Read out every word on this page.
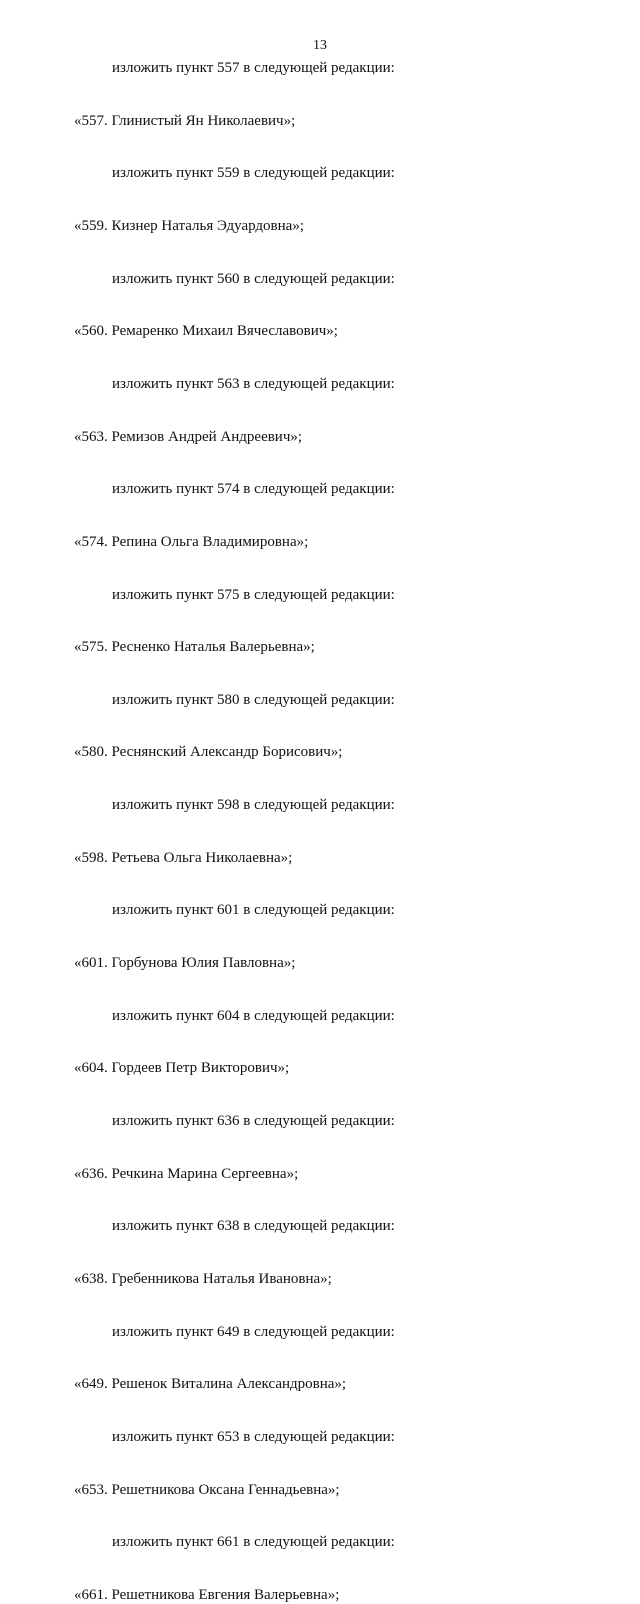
13
изложить пункт 557 в следующей редакции:
«557. Глинистый Ян Николаевич»;
изложить пункт 559 в следующей редакции:
«559. Кизнер Наталья Эдуардовна»;
изложить пункт 560 в следующей редакции:
«560. Ремаренко Михаил Вячеславович»;
изложить пункт 563 в следующей редакции:
«563. Ремизов Андрей Андреевич»;
изложить пункт 574 в следующей редакции:
«574. Репина Ольга Владимировна»;
изложить пункт 575 в следующей редакции:
«575. Ресненко Наталья Валерьевна»;
изложить пункт 580 в следующей редакции:
«580. Реснянский Александр Борисович»;
изложить пункт 598 в следующей редакции:
«598. Ретьева Ольга Николаевна»;
изложить пункт 601 в следующей редакции:
«601. Горбунова Юлия Павловна»;
изложить пункт 604 в следующей редакции:
«604. Гордеев Петр Викторович»;
изложить пункт 636 в следующей редакции:
«636. Речкина Марина Сергеевна»;
изложить пункт 638 в следующей редакции:
«638. Гребенникова Наталья Ивановна»;
изложить пункт 649 в следующей редакции:
«649. Решенок Виталина Александровна»;
изложить пункт 653 в следующей редакции:
«653. Решетникова Оксана Геннадьевна»;
изложить пункт 661 в следующей редакции:
«661. Решетникова Евгения Валерьевна»;
